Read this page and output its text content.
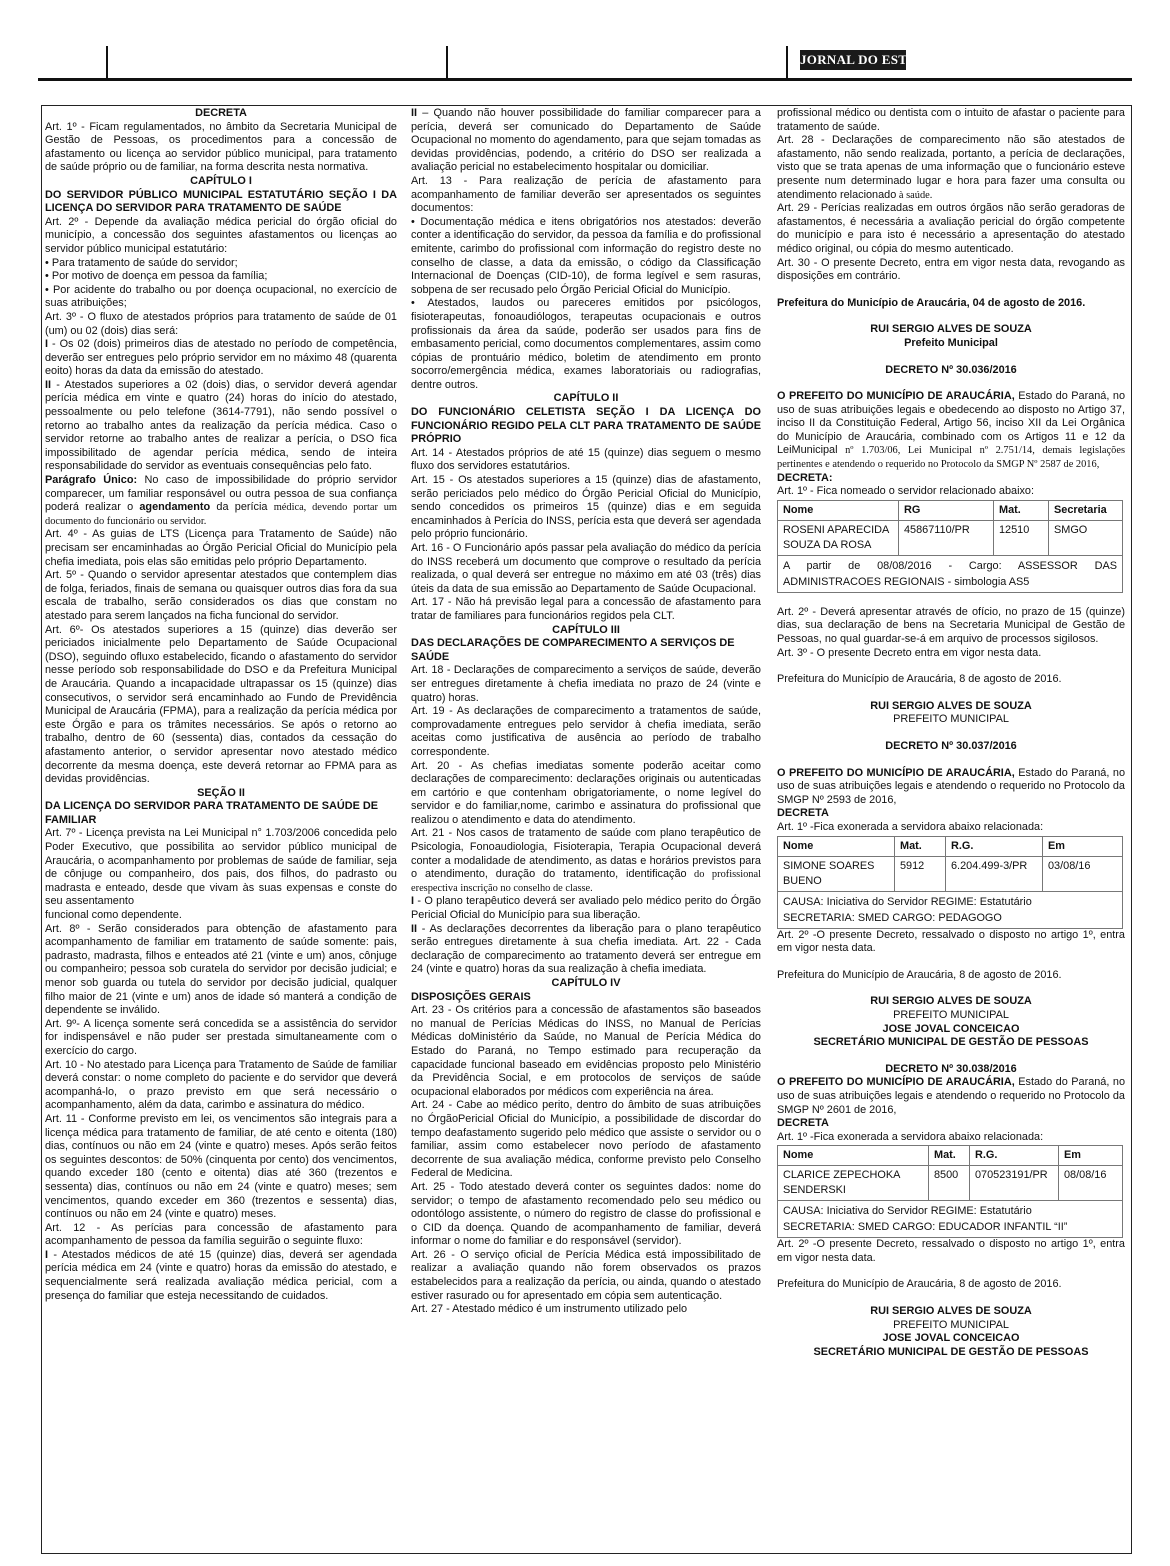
JORNAL DO ESTADO

DECRETA

Art. 1º - Ficam regulamentados, no âmbito da Secretaria Municipal de Gestão de Pessoas, os procedimentos para a concessão de afastamento ou licença ao servidor público municipal, para tratamento de saúde próprio ou de familiar, na forma descrita nesta normativa.

CAPÍTULO I

DO SERVIDOR PÚBLICO MUNICIPAL ESTATUTÁRIO SEÇÃO I DA LICENÇA DO SERVIDOR PARA TRATAMENTO DE SAÚDE

Art. 2º - Depende da avaliação médica pericial do órgão oficial do município, a concessão dos seguintes afastamentos ou licenças ao servidor público municipal estatutário:

• Para tratamento de saúde do servidor;

• Por motivo de doença em pessoa da família;

• Por acidente do trabalho ou por doença ocupacional, no exercício de suas atribuições;

Art. 3º - O fluxo de atestados próprios para tratamento de saúde de 01 (um) ou 02 (dois) dias será:

I - Os 02 (dois) primeiros dias de atestado no período de competência, deverão ser entregues pelo próprio servidor em no máximo 48 (quarenta eoito) horas da data da emissão do atestado.

II - Atestados superiores a 02 (dois) dias, o servidor deverá agendar perícia médica em vinte e quatro (24) horas do início do atestado, pessoalmente ou pelo telefone (3614-7791), não sendo possível o retorno ao trabalho antes da realização da perícia médica. Caso o servidor retorne ao trabalho antes de realizar a perícia, o DSO fica impossibilitado de agendar perícia médica, sendo de inteira responsabilidade do servidor as eventuais consequências pelo fato.

Parágrafo Único: No caso de impossibilidade do próprio servidor comparecer, um familiar responsável ou outra pessoa de sua confiança poderá realizar o agendamento da perícia médica, devendo portar um documento do funcionário ou servidor.

Art. 4º - As guias de LTS (Licença para Tratamento de Saúde) não precisam ser encaminhadas ao Órgão Pericial Oficial do Município pela chefia imediata, pois elas são emitidas pelo próprio Departamento.

Art. 5º - Quando o servidor apresentar atestados que contemplem dias de folga, feriados, finais de semana ou quaisquer outros dias fora da sua escala de trabalho, serão considerados os dias que constam no atestado para serem lançados na ficha funcional do servidor.

Art. 6º- Os atestados superiores a 15 (quinze) dias deverão ser periciados inicialmente pelo Departamento de Saúde Ocupacional (DSO), seguindo ofluxo estabelecido, ficando o afastamento do servidor nesse período sob responsabilidade do DSO e da Prefeitura Municipal de Araucária. Quando a incapacidade ultrapassar os 15 (quinze) dias consecutivos, o servidor será encaminhado ao Fundo de Previdência Municipal de Araucária (FPMA), para a realização da perícia médica por este Órgão e para os trâmites necessários. Se após o retorno ao trabalho, dentro de 60 (sessenta) dias, contados da cessação do afastamento anterior, o servidor apresentar novo atestado médico decorrente da mesma doença, este deverá retornar ao FPMA para as devidas providências.

SEÇÃO II

DA LICENÇA DO SERVIDOR PARA TRATAMENTO DE SAÚDE DE FAMILIAR

Art. 7º - Licença prevista na Lei Municipal n° 1.703/2006 concedida pelo Poder Executivo, que possibilita ao servidor público municipal de Araucária, o acompanhamento por problemas de saúde de familiar, seja de cônjuge ou companheiro, dos pais, dos filhos, do padrasto ou madrasta e enteado, desde que vivam às suas expensas e conste do seu assentamento

funcional como dependente.

Art. 8º - Serão considerados para obtenção de afastamento para acompanhamento de familiar em tratamento de saúde somente: pais, padrasto, madrasta, filhos e enteados até 21 (vinte e um) anos, cônjuge ou companheiro; pessoa sob curatela do servidor por decisão judicial; e menor sob guarda ou tutela do servidor por decisão judicial, qualquer filho maior de 21 (vinte e um) anos de idade só manterá a condição de dependente se inválido.

Art. 9º- A licença somente será concedida se a assistência do servidor for indispensável e não puder ser prestada simultaneamente com o exercício do cargo.

Art. 10 - No atestado para Licença para Tratamento de Saúde de familiar deverá constar: o nome completo do paciente e do servidor que deverá acompanhá-lo, o prazo previsto em que será necessário o acompanhamento, além da data, carimbo e assinatura do médico.

Art. 11 - Conforme previsto em lei, os vencimentos são integrais para a licença médica para tratamento de familiar, de até cento e oitenta (180) dias, contínuos ou não em 24 (vinte e quatro) meses. Após serão feitos os seguintes descontos: de 50% (cinquenta por cento) dos vencimentos, quando exceder 180 (cento e oitenta) dias até 360 (trezentos e sessenta) dias, contínuos ou não em 24 (vinte e quatro) meses; sem vencimentos, quando exceder em 360 (trezentos e sessenta) dias, contínuos ou não em 24 (vinte e quatro) meses.

Art. 12 - As perícias para concessão de afastamento para acompanhamento de pessoa da família seguirão o seguinte fluxo:

I - Atestados médicos de até 15 (quinze) dias, deverá ser agendada perícia médica em 24 (vinte e quatro) horas da emissão do atestado, e sequencialmente será realizada avaliação médica pericial, com a presença do familiar que esteja necessitando de cuidados.

II – Quando não houver possibilidade do familiar comparecer para a perícia, deverá ser comunicado do Departamento de Saúde Ocupacional no momento do agendamento, para que sejam tomadas as devidas providências, podendo, a critério do DSO ser realizada a avaliação pericial no estabelecimento hospitalar ou domiciliar.

Art. 13 - Para realização de perícia de afastamento para acompanhamento de familiar deverão ser apresentados os seguintes documentos:

• Documentação médica e itens obrigatórios nos atestados: deverão conter a identificação do servidor, da pessoa da família e do profissional emitente, carimbo do profissional com informação do registro deste no conselho de classe, a data da emissão, o código da Classificação Internacional de Doenças (CID-10), de forma legível e sem rasuras, sobpena de ser recusado pelo Órgão Pericial Oficial do Município.

• Atestados, laudos ou pareceres emitidos por psicólogos, fisioterapeutas, fonoaudiólogos, terapeutas ocupacionais e outros profissionais da área da saúde, poderão ser usados para fins de embasamento pericial, como documentos complementares, assim como cópias de prontuário médico, boletim de atendimento em pronto socorro/emergência médica, exames laboratoriais ou radiografias, dentre outros.

CAPÍTULO II

DO FUNCIONÁRIO CELETISTA SEÇÃO I DA LICENÇA DO FUNCIONÁRIO REGIDO PELA CLT PARA TRATAMENTO DE SAÚDE PRÓPRIO

Art. 14 - Atestados próprios de até 15 (quinze) dias seguem o mesmo fluxo dos servidores estatutários.

Art. 15 - Os atestados superiores a 15 (quinze) dias de afastamento, serão periciados pelo médico do Órgão Pericial Oficial do Município, sendo concedidos os primeiros 15 (quinze) dias e em seguida encaminhados à Perícia do INSS, perícia esta que deverá ser agendada pelo próprio funcionário.

Art. 16 - O Funcionário após passar pela avaliação do médico da perícia do INSS receberá um documento que comprove o resultado da perícia realizada, o qual deverá ser entregue no máximo em até 03 (três) dias úteis da data de sua emissão ao Departamento de Saúde Ocupacional.

Art. 17 - Não há previsão legal para a concessão de afastamento para tratar de familiares para funcionários regidos pela CLT.

CAPÍTULO III

DAS DECLARAÇÕES DE COMPARECIMENTO A SERVIÇOS DE SAÚDE

Art. 18 - Declarações de comparecimento a serviços de saúde, deverão ser entregues diretamente à chefia imediata no prazo de 24 (vinte e quatro) horas.

Art. 19 - As declarações de comparecimento a tratamentos de saúde, comprovadamente entregues pelo servidor à chefia imediata, serão aceitas como justificativa de ausência ao período de trabalho correspondente.

Art. 20 - As chefias imediatas somente poderão aceitar como declarações de comparecimento: declarações originais ou autenticadas em cartório e que contenham obrigatoriamente, o nome legível do servidor e do familiar,nome, carimbo e assinatura do profissional que realizou o atendimento e data do atendimento.

Art. 21 - Nos casos de tratamento de saúde com plano terapêutico de Psicologia, Fonoaudiologia, Fisioterapia, Terapia Ocupacional deverá conter a modalidade de atendimento, as datas e horários previstos para o atendimento, duração do tratamento, identificação do profissional erespectiva inscrição no conselho de classe.

I - O plano terapêutico deverá ser avaliado pelo médico perito do Órgão Pericial Oficial do Município para sua liberação.

II - As declarações decorrentes da liberação para o plano terapêutico serão entregues diretamente à sua chefia imediata. Art. 22 - Cada declaração de comparecimento ao tratamento deverá ser entregue em 24 (vinte e quatro) horas da sua realização à chefia imediata.

CAPÍTULO IV

DISPOSIÇÕES GERAIS

Art. 23 - Os critérios para a concessão de afastamentos são baseados no manual de Perícias Médicas do INSS, no Manual de Perícias Médicas doMinistério da Saúde, no Manual de Perícia Médica do Estado do Paraná, no Tempo estimado para recuperação da capacidade funcional baseado em evidências proposto pelo Ministério da Previdência Social, e em protocolos de serviços de saúde ocupacional elaborados por médicos com experiência na área.

Art. 24 - Cabe ao médico perito, dentro do âmbito de suas atribuições no ÓrgãoPericial Oficial do Município, a possibilidade de discordar do tempo deafastamento sugerido pelo médico que assiste o servidor ou o familiar, assim como estabelecer novo período de afastamento decorrente de sua avaliação médica, conforme previsto pelo Conselho Federal de Medicina.

Art. 25 - Todo atestado deverá conter os seguintes dados: nome do servidor; o tempo de afastamento recomendado pelo seu médico ou odontólogo assistente, o número do registro de classe do profissional e o CID da doença. Quando de acompanhamento de familiar, deverá informar o nome do familiar e do responsável (servidor).

Art. 26 - O serviço oficial de Perícia Médica está impossibilitado de realizar a avaliação quando não forem observados os prazos estabelecidos para a realização da perícia, ou ainda, quando o atestado estiver rasurado ou for apresentado em cópia sem autenticação.

Art. 27 - Atestado médico é um instrumento utilizado pelo

profissional médico ou dentista com o intuito de afastar o paciente para tratamento de saúde.

Art. 28 - Declarações de comparecimento não são atestados de afastamento, não sendo realizada, portanto, a perícia de declarações, visto que se trata apenas de uma informação que o funcionário esteve presente num determinado lugar e hora para fazer uma consulta ou atendimento relacionado à saúde.

Art. 29 - Perícias realizadas em outros órgãos não serão geradoras de afastamentos, é necessária a avaliação pericial do órgão competente do município e para isto é necessário a apresentação do atestado médico original, ou cópia do mesmo autenticado.

Art. 30 - O presente Decreto, entra em vigor nesta data, revogando as disposições em contrário.

Prefeitura do Município de Araucária, 04 de agosto de 2016.

RUI SERGIO ALVES DE SOUZA
Prefeito Municipal

DECRETO Nº 30.036/2016

O PREFEITO DO MUNICÍPIO DE ARAUCÁRIA, Estado do Paraná, no uso de suas atribuições legais e obedecendo ao disposto no Artigo 37, inciso II da Constituição Federal, Artigo 56, inciso XII da Lei Orgânica do Município de Araucária, combinado com os Artigos 11 e 12 da LeiMunicipal nº 1.703/06, Lei Municipal nº 2.751/14, demais legislações pertinentes e atendendo o requerido no Protocolo da SMGP Nº 2587 de 2016,

DECRETA:

Art. 1º - Fica nomeado o servidor relacionado abaixo:

Nome	RG	Mat.	Secretaria
ROSENI APARECIDA SOUZA DA ROSA	45867110/PR	12510	SMGO
A partir de 08/08/2016 - Cargo: ASSESSOR DAS ADMINISTRACOES REGIONAIS - simbologia AS5

Art. 2º - Deverá apresentar através de ofício, no prazo de 15 (quinze) dias, sua declaração de bens na Secretaria Municipal de Gestão de Pessoas, no qual guardar-se-á em arquivo de processos sigilosos.

Art. 3º - O presente Decreto entra em vigor nesta data.

Prefeitura do Município de Araucária, 8 de agosto de 2016.

RUI SERGIO ALVES DE SOUZA
PREFEITO MUNICIPAL

DECRETO Nº 30.037/2016

O PREFEITO DO MUNICÍPIO DE ARAUCÁRIA, Estado do Paraná, no uso de suas atribuições legais e atendendo o requerido no Protocolo da SMGP Nº 2593 de 2016,

DECRETA

Art. 1º -Fica exonerada a servidora abaixo relacionada:

Nome	Mat.	R.G.	Em
SIMONE SOARES BUENO	5912	6.204.499-3/PR	03/08/16
CAUSA: Iniciativa do Servidor REGIME: Estatutário
SECRETARIA: SMED CARGO: PEDAGOGO

Art. 2º -O presente Decreto, ressalvado o disposto no artigo 1º, entra em vigor nesta data.

Prefeitura do Município de Araucária, 8 de agosto de 2016.

RUI SERGIO ALVES DE SOUZA
PREFEITO MUNICIPAL
JOSE JOVAL CONCEICAO
SECRETÁRIO MUNICIPAL DE GESTÃO DE PESSOAS

DECRETO Nº 30.038/2016

O PREFEITO DO MUNICÍPIO DE ARAUCÁRIA, Estado do Paraná, no uso de suas atribuições legais e atendendo o requerido no Protocolo da SMGP Nº 2601 de 2016,

DECRETA

Art. 1º -Fica exonerada a servidora abaixo relacionada:

Nome	Mat.	R.G.	Em
CLARICE ZEPECHOKA SENDERSKI	8500	070523191/PR	08/08/16
CAUSA: Iniciativa do Servidor REGIME: Estatutário
SECRETARIA: SMED CARGO: EDUCADOR INFANTIL “II”

Art. 2º -O presente Decreto, ressalvado o disposto no artigo 1º, entra em vigor nesta data.

Prefeitura do Município de Araucária, 8 de agosto de 2016.

RUI SERGIO ALVES DE SOUZA
PREFEITO MUNICIPAL
JOSE JOVAL CONCEICAO
SECRETÁRIO MUNICIPAL DE GESTÃO DE PESSOAS
